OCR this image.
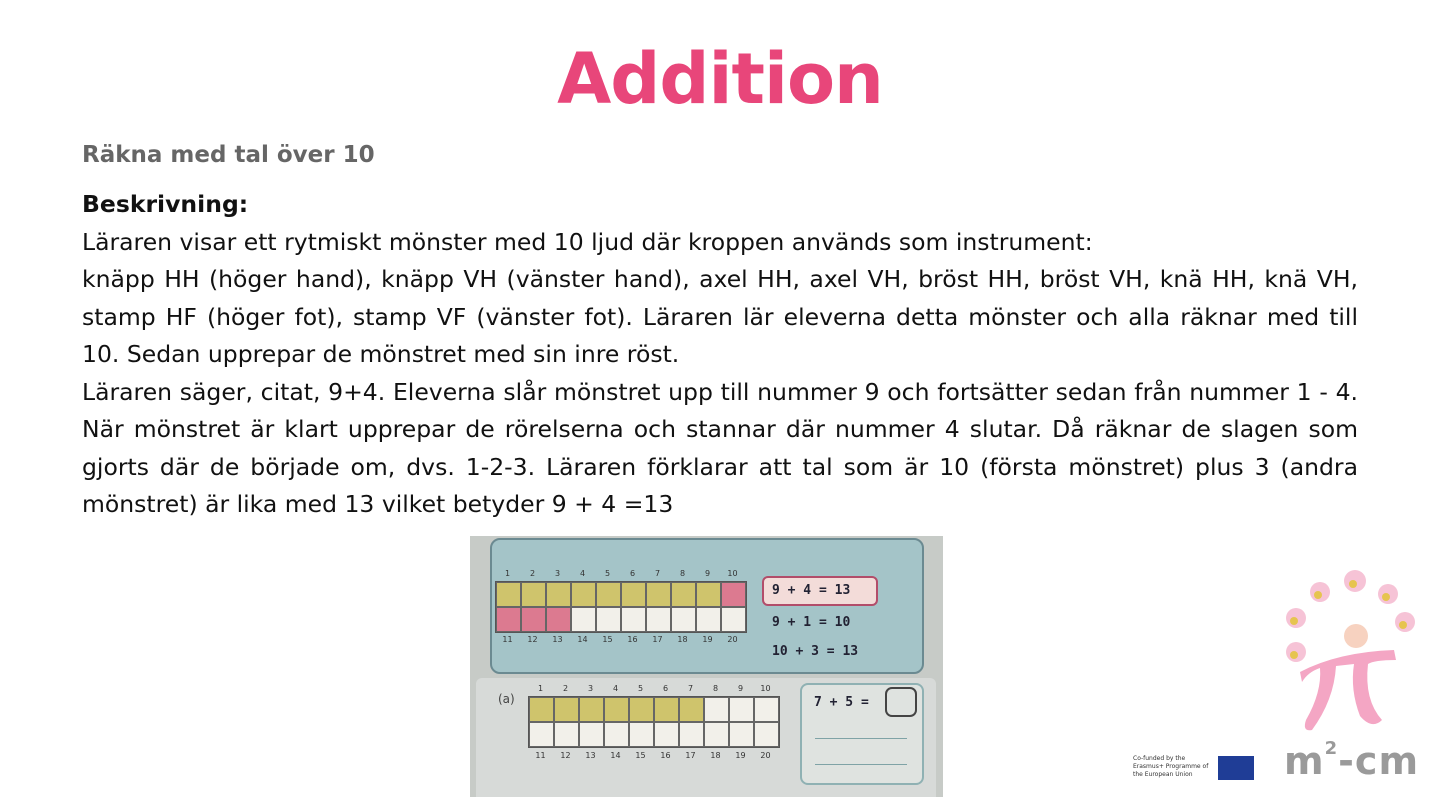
Addition
Räkna med tal över 10
Beskrivning:

Läraren visar ett rytmiskt mönster med 10 ljud där kroppen används som instrument:

knäpp HH (höger hand), knäpp VH (vänster hand), axel HH, axel VH, bröst HH, bröst VH, knä HH, knä VH, stamp HF (höger fot), stamp VF (vänster fot). Läraren lär eleverna detta mönster och alla räknar med till 10. Sedan upprepar de mönstret med sin inre röst.

Läraren säger, citat, 9+4. Eleverna slår mönstret upp till nummer 9 och fortsätter sedan från nummer 1 - 4. När mönstret är klart upprepar de rörelserna och stannar där nummer 4 slutar. Då räknar de slagen som gjorts där de började om, dvs. 1-2-3. Läraren förklarar att tal som är 10 (första mönstret) plus 3 (andra mönstret) är lika med 13 vilket betyder 9 + 4 =13

1	2	3	4	5	6	7	8	9	10
11	12	13	14	15	16	17	18	19	20
9 + 4 = 13
9 + 1 = 10
10 + 3 = 13
(a)
1	2	3	4	5	6	7	8	9	10
11	12	13	14	15	16	17	18	19	20
7 + 5 =
Co-funded by the Erasmus+ Programme of the European Union	$m^2-cm$
